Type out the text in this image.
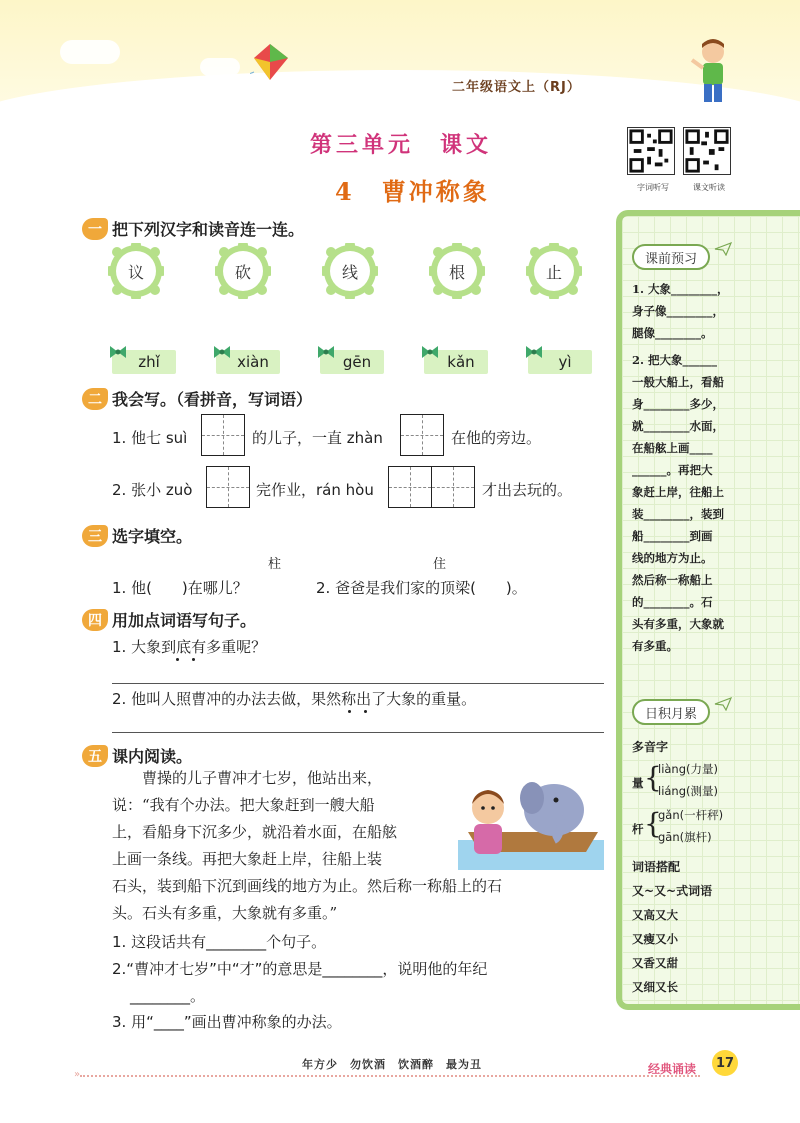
二年级语文上（RJ）
第三单元　课文
4　曹冲称象	字词听写	课文听读
一 把下列汉字和读音连一连。
议	砍	线	根	止
zhǐ	xiàn	gēn	kǎn	yì
二 我会写。（看拼音，写词语）
1. 他七 suì	的儿子，一直 zhàn	在他的旁边。
2. 张小 zuò	完作业，rán hòu	才出去玩的。
三 选字填空。
柱	住
1. 他(　　)在哪儿？	2. 爸爸是我们家的顶梁(　　)。
四 用加点词语写句子。
1. 大象到底有多重呢？
2. 他叫人照曹冲的办法去做，果然称出了大象的重量。
五 课内阅读。
　　曹操的儿子曹冲才七岁，他站出来，
说：“我有个办法。把大象赶到一艘大船
上，看船身下沉多少，就沿着水面，在船舷
上画一条线。再把大象赶上岸，往船上装
石头，装到船下沉到画线的地方为止。然后称一称船上的石
头。石头有多重，大象就有多重。”
1. 这段话共有________个句子。
2.“曹冲才七岁”中“才”的意思是________，说明他的年纪
________。
3. 用“____”画出曹冲称象的办法。
课前预习
1. 大象________，
身子像________，
腿像________。
2. 把大象______
一般大船上，看船
身________多少，
就________水面，
在船舷上画____
______。再把大
象赶上岸，往船上
装________，装到
船________到画
线的地方为止。
然后称一称船上
的________。石
头有多重，大象就
有多重。
日积月累
多音字
量 {
liàng(力量)
liáng(测量)
杆 {
gǎn(一杆秤)
gān(旗杆)
词语搭配
又~又~式词语
又高又大
又瘦又小
又香又甜
又细又长
年方少　勿饮酒　饮酒醉　最为丑
»	经典诵读	17
